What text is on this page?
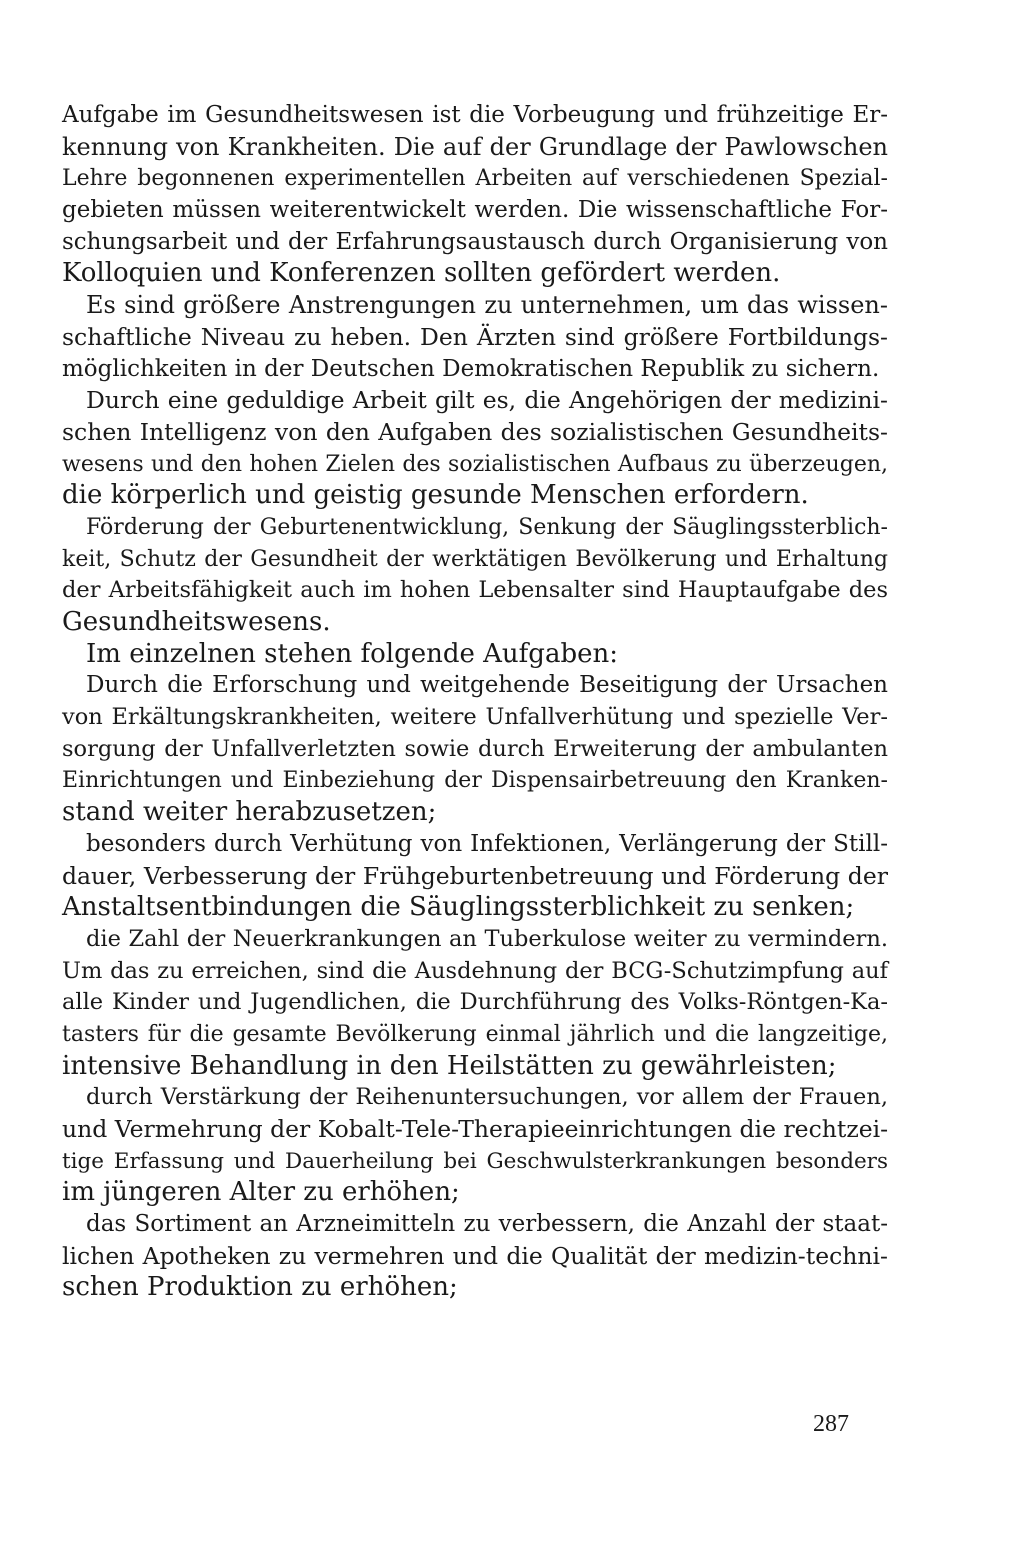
Aufgabe im Gesundheitswesen ist die Vorbeugung und frühzeitige Er-
kennung von Krankheiten. Die auf der Grundlage der Pawlowschen
Lehre begonnenen experimentellen Arbeiten auf verschiedenen Spezial-
gebieten müssen weiterentwickelt werden. Die wissenschaftliche For-
schungsarbeit und der Erfahrungsaustausch durch Organisierung von
Kolloquien und Konferenzen sollten gefördert werden.
Es sind größere Anstrengungen zu unternehmen, um das wissen-
schaftliche Niveau zu heben. Den Ärzten sind größere Fortbildungs-
möglichkeiten in der Deutschen Demokratischen Republik zu sichern.
Durch eine geduldige Arbeit gilt es, die Angehörigen der medizini-
schen Intelligenz von den Aufgaben des sozialistischen Gesundheits-
wesens und den hohen Zielen des sozialistischen Aufbaus zu überzeugen,
die körperlich und geistig gesunde Menschen erfordern.
Förderung der Geburtenentwicklung, Senkung der Säuglingssterblich-
keit, Schutz der Gesundheit der werktätigen Bevölkerung und Erhaltung
der Arbeitsfähigkeit auch im hohen Lebensalter sind Hauptaufgabe des
Gesundheitswesens.
Im einzelnen stehen folgende Aufgaben:
Durch die Erforschung und weitgehende Beseitigung der Ursachen
von Erkältungskrankheiten, weitere Unfallverhütung und spezielle Ver-
sorgung der Unfallverletzten sowie durch Erweiterung der ambulanten
Einrichtungen und Einbeziehung der Dispensairbetreuung den Kranken-
stand weiter herabzusetzen;
besonders durch Verhütung von Infektionen, Verlängerung der Still-
dauer, Verbesserung der Frühgeburtenbetreuung und Förderung der
Anstaltsentbindungen die Säuglingssterblichkeit zu senken;
die Zahl der Neuerkrankungen an Tuberkulose weiter zu vermindern.
Um das zu erreichen, sind die Ausdehnung der BCG-Schutzimpfung auf
alle Kinder und Jugendlichen, die Durchführung des Volks-Röntgen-Ka-
tasters für die gesamte Bevölkerung einmal jährlich und die langzeitige,
intensive Behandlung in den Heilstätten zu gewährleisten;
durch Verstärkung der Reihenuntersuchungen, vor allem der Frauen,
und Vermehrung der Kobalt-Tele-Therapieeinrichtungen die rechtzei-
tige Erfassung und Dauerheilung bei Geschwulsterkrankungen besonders
im jüngeren Alter zu erhöhen;
das Sortiment an Arzneimitteln zu verbessern, die Anzahl der staat-
lichen Apotheken zu vermehren und die Qualität der medizin-techni-
schen Produktion zu erhöhen;
287
